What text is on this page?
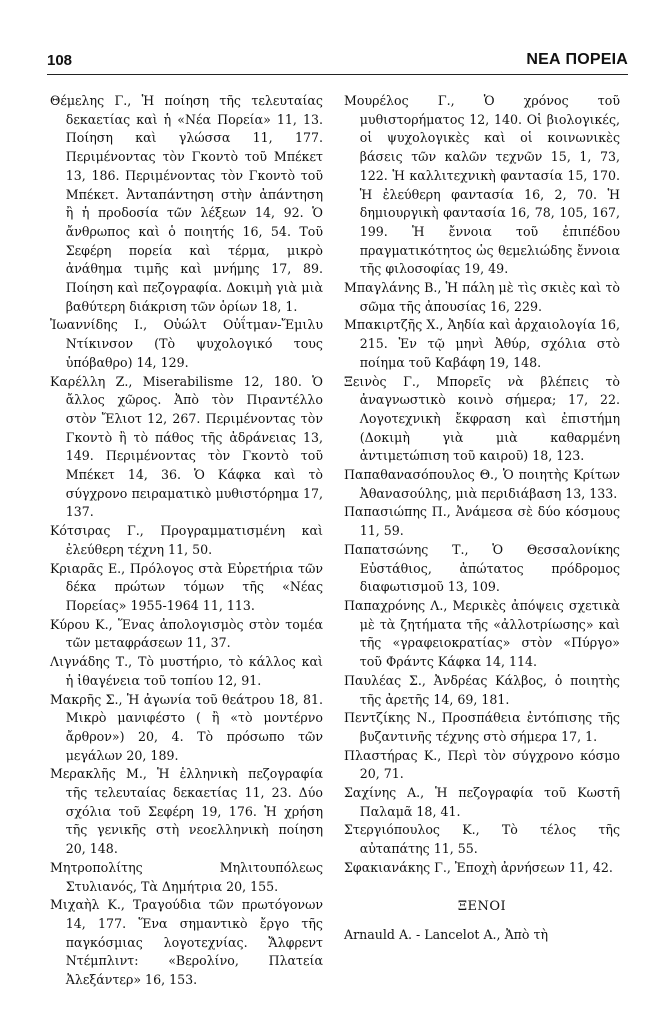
108	ΝΕΑ ΠΟΡΕΙΑ

Θέμελης Γ., Ἡ ποίηση τῆς τελευταίας δεκαετίας καὶ ἡ «Νέα Πορεία» 11, 13. Ποίηση καὶ γλώσσα 11, 177. Περιμένοντας τὸν Γκοντὸ τοῦ Μπέκετ 13, 186. Περιμένοντας τὸν Γκοντὸ τοῦ Μπέκετ. Ἀνταπάντηση στὴν ἀπάντηση ἢ ἡ προδοσία τῶν λέξεων 14, 92. Ὁ ἄνθρωπος καὶ ὁ ποιητής 16, 54. Τοῦ Σεφέρη πορεία καὶ τέρμα, μικρὸ ἀνάθημα τιμῆς καὶ μνήμης 17, 89. Ποίηση καὶ πεζογραφία. Δοκιμὴ γιὰ μιὰ βαθύτερη διάκριση τῶν ὁρίων 18, 1.

Ἰωαννίδης Ι., Οὐώλτ Οὐΐτμαν-Ἔμιλυ Ντίκινσον (Τὸ ψυχολογικό τους ὑπόβαθρο) 14, 129.

Καρέλλη Ζ., Miserabilisme 12, 180. Ὁ ἄλλος χῶρος. Ἀπὸ τὸν Πιραντέλλο στὸν Ἔλιοτ 12, 267. Περιμένοντας τὸν Γκοντὸ ἢ τὸ πάθος τῆς ἀδράνειας 13, 149. Περιμένοντας τὸν Γκοντὸ τοῦ Μπέκετ 14, 36. Ὁ Κάφκα καὶ τὸ σύγχρονο πειραματικὸ μυθιστόρημα 17, 137.

Κότσιρας Γ., Προγραμματισμένη καὶ ἐλεύθερη τέχνη 11, 50.

Κριαρᾶς Ε., Πρόλογος στὰ Εὐρετήρια τῶν δέκα πρώτων τόμων τῆς «Νέας Πορείας» 1955-1964 11, 113.

Κύρου Κ., Ἕνας ἀπολογισμὸς στὸν τομέα τῶν μεταφράσεων 11, 37.

Λιγνάδης Τ., Τὸ μυστήριο, τὸ κάλλος καὶ ἡ ἰθαγένεια τοῦ τοπίου 12, 91.

Μακρῆς Σ., Ἡ ἀγωνία τοῦ θεάτρου 18, 81. Μικρὸ μανιφέστο ( ἢ «τὸ μοντέρνο ἄρθρον») 20, 4. Τὸ πρόσωπο τῶν μεγάλων 20, 189.

Μερακλῆς Μ., Ἡ ἑλληνικὴ πεζογραφία τῆς τελευταίας δεκαετίας 11, 23. Δύο σχόλια τοῦ Σεφέρη 19, 176. Ἡ χρήση τῆς γενικῆς στὴ νεοελληνικὴ ποίηση 20, 148.

Μητροπολίτης Μηλιτουπόλεως Στυλιανός, Τὰ Δημήτρια 20, 155.

Μιχαὴλ Κ., Τραγούδια τῶν πρωτόγονων 14, 177. Ἕνα σημαντικὸ ἔργο τῆς παγκόσμιας λογοτεχνίας. Ἄλφρεντ Ντέμπλιντ: «Βερολίνο, Πλατεία Ἀλεξάντερ» 16, 153.

Μουρέλος Γ., Ὁ χρόνος τοῦ μυθιστορήματος 12, 140. Οἱ βιολογικές, οἱ ψυχολογικὲς καὶ οἱ κοινωνικὲς βάσεις τῶν καλῶν τεχνῶν 15, 1, 73, 122. Ἡ καλλιτεχνικὴ φαντασία 15, 170. Ἡ ἐλεύθερη φαντασία 16, 2, 70. Ἡ δημιουργικὴ φαντασία 16, 78, 105, 167, 199. Ἡ ἔννοια τοῦ ἐπιπέδου πραγματικότητος ὡς θεμελιώδης ἔννοια τῆς φιλοσοφίας 19, 49.

Μπαγλάνης Β., Ἡ πάλη μὲ τὶς σκιὲς καὶ τὸ σῶμα τῆς ἀπουσίας 16, 229.

Μπακιρτζῆς Χ., Ἀηδία καὶ ἀρχαιολογία 16, 215. Ἐν τῷ μηνὶ Ἀθύρ, σχόλια στὸ ποίημα τοῦ Καβάφη 19, 148.

Ξεινὸς Γ., Μπορεῖς νὰ βλέπεις τὸ ἀναγνωστικὸ κοινὸ σήμερα; 17, 22. Λογοτεχνικὴ ἔκφραση καὶ ἐπιστήμη (Δοκιμὴ γιὰ μιὰ καθαρμένη ἀντιμετώπιση τοῦ καιροῦ) 18, 123.

Παπαθανασόπουλος Θ., Ὁ ποιητὴς Κρίτων Ἀθανασούλης, μιὰ περιδιάβαση 13, 133.

Παπασιώπης Π., Ἀνάμεσα σὲ δύο κόσμους 11, 59.

Παπατσώνης Τ., Ὁ Θεσσαλονίκης Εὐστάθιος, ἀπώτατος πρόδρομος διαφωτισμοῦ 13, 109.

Παπαχρόνης Λ., Μερικὲς ἀπόψεις σχετικὰ μὲ τὰ ζητήματα τῆς «ἀλλοτρίωσης» καὶ τῆς «γραφειοκρατίας» στὸν «Πύργο» τοῦ Φράντς Κάφκα 14, 114.

Παυλέας Σ., Ἀνδρέας Κάλβος, ὁ ποιητὴς τῆς ἀρετῆς 14, 69, 181.

Πεντζίκης Ν., Προσπάθεια ἐντόπισης τῆς βυζαντινῆς τέχνης στὸ σήμερα 17, 1.

Πλαστήρας Κ., Περὶ τὸν σύγχρονο κόσμο 20, 71.

Σαχίνης Α., Ἡ πεζογραφία τοῦ Κωστῆ Παλαμᾶ 18, 41.

Στεργιόπουλος Κ., Τὸ τέλος τῆς αὐταπάτης 11, 55.

Σφακιανάκης Γ., Ἐποχὴ ἀρνήσεων 11, 42.

ΞΕΝΟΙ

Arnauld A. - Lancelot A., Ἀπὸ τὴ
